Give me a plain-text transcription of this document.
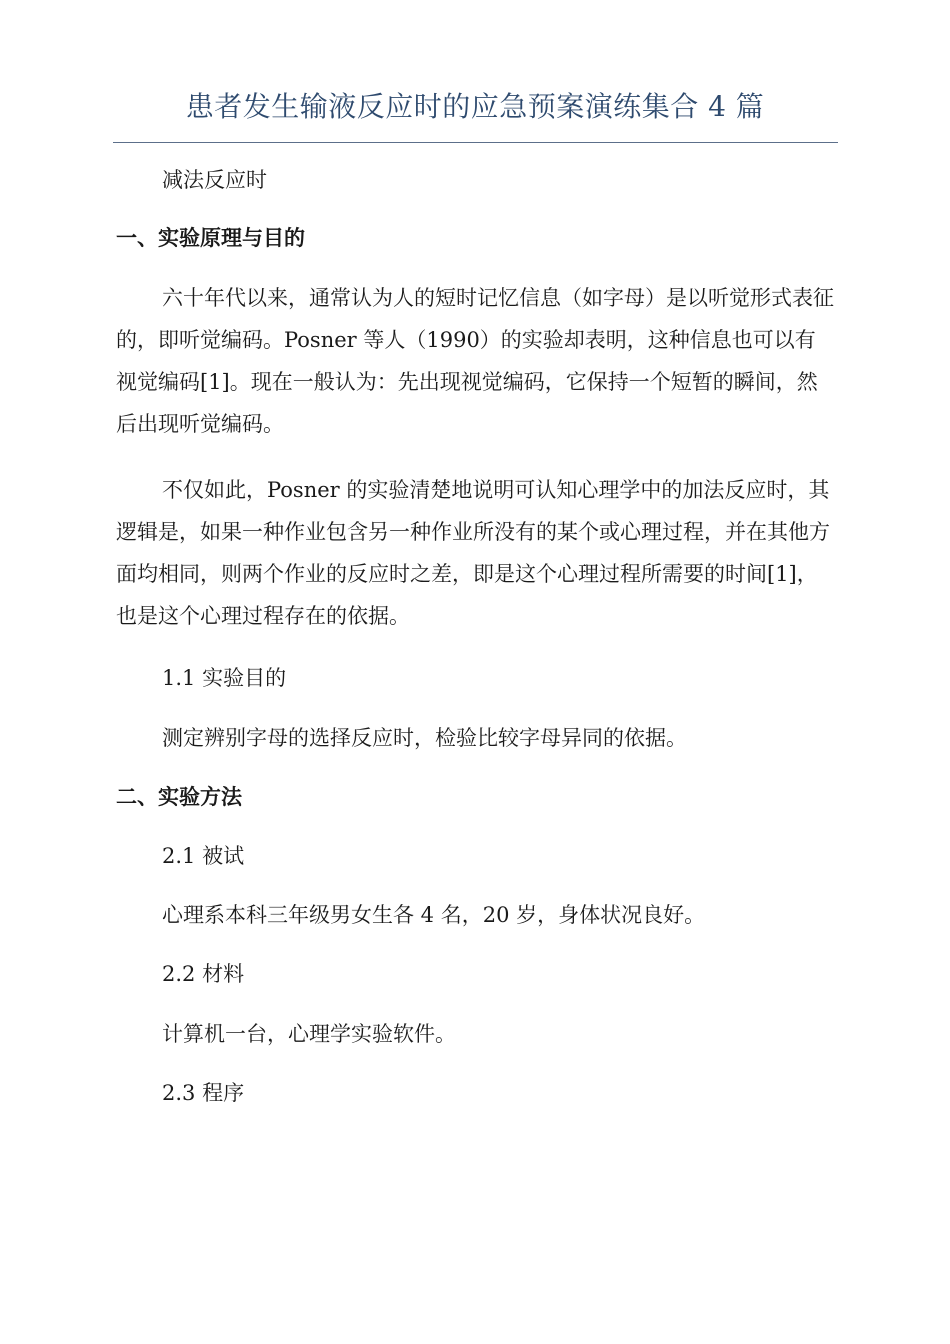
患者发生输液反应时的应急预案演练集合 4 篇

减法反应时

一、实验原理与目的

六十年代以来，通常认为人的短时记忆信息（如字母）是以听觉形式表征的，即听觉编码。Posner 等人（1990）的实验却表明，这种信息也可以有视觉编码[1]。现在一般认为：先出现视觉编码，它保持一个短暂的瞬间，然后出现听觉编码。

不仅如此，Posner 的实验清楚地说明可认知心理学中的加法反应时，其逻辑是，如果一种作业包含另一种作业所没有的某个或心理过程，并在其他方面均相同，则两个作业的反应时之差，即是这个心理过程所需要的时间[1]，也是这个心理过程存在的依据。

1.1 实验目的

测定辨别字母的选择反应时，检验比较字母异同的依据。

二、实验方法

2.1 被试

心理系本科三年级男女生各 4 名，20 岁，身体状况良好。

2.2 材料

计算机一台，心理学实验软件。

2.3 程序
